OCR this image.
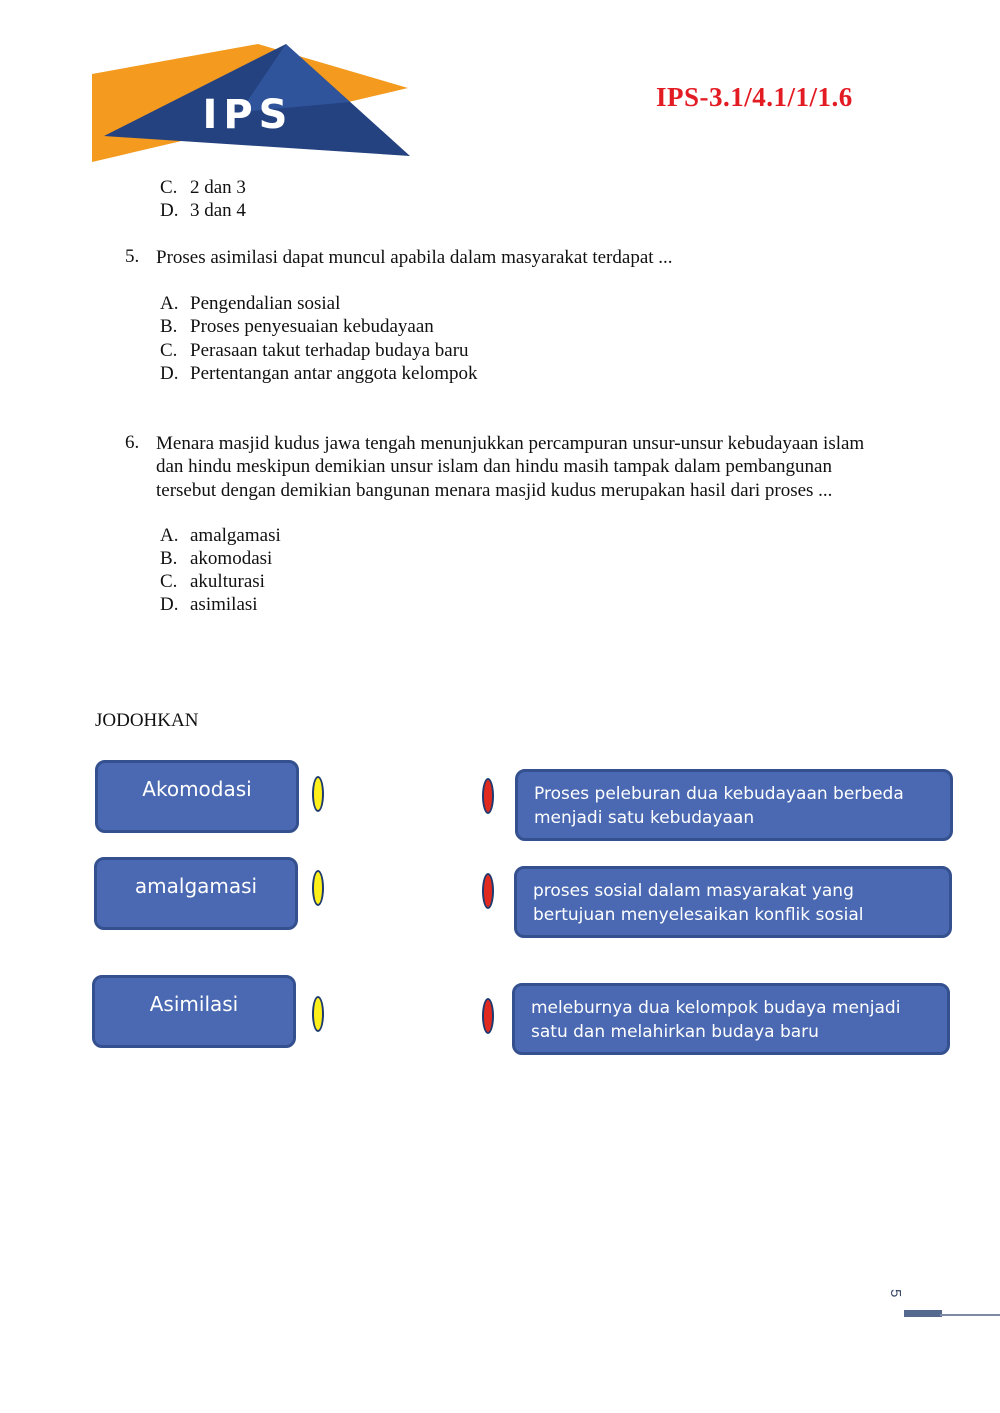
IPS	IPS-3.1/4.1/1/1.6
C. 2 dan 3
D. 3 dan 4
5. Proses asimilasi dapat muncul apabila dalam masyarakat terdapat ...
A. Pengendalian sosial
B. Proses penyesuaian kebudayaan
C. Perasaan takut terhadap budaya baru
D. Pertentangan antar anggota kelompok
6. Menara masjid kudus jawa tengah menunjukkan percampuran unsur-unsur kebudayaan islam dan hindu meskipun demikian unsur islam dan hindu masih tampak dalam pembangunan tersebut dengan demikian bangunan menara masjid kudus merupakan hasil dari proses ...
A. amalgamasi
B. akomodasi
C. akulturasi
D. asimilasi
JODOHKAN
Akomodasi
amalgamasi
Asimilasi
Proses peleburan dua kebudayaan berbeda menjadi satu kebudayaan
proses sosial dalam masyarakat yang bertujuan menyelesaikan konflik sosial
meleburnya dua kelompok budaya menjadi satu dan melahirkan budaya baru
5
